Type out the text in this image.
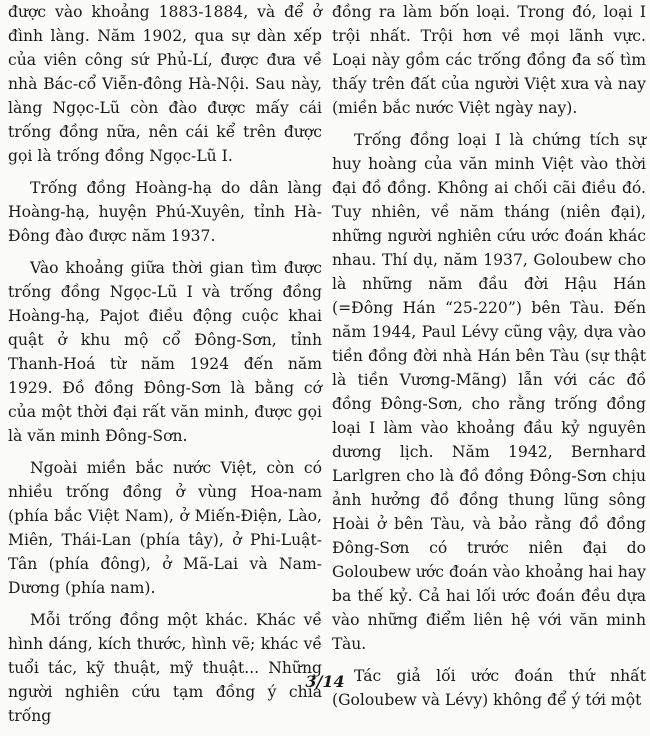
được vào khoảng 1883-1884, và để ở đình làng. Năm 1902, qua sự dàn xếp của viên công sứ Phủ-Lí, được đưa về nhà Bác-cổ Viễn-đông Hà-Nội. Sau này, làng Ngọc-Lũ còn đào được mấy cái trống đồng nữa, nên cái kể trên được gọi là trống đồng Ngọc-Lũ I.

Trống đồng Hoàng-hạ do dân làng Hoàng-hạ, huyện Phú-Xuyên, tỉnh Hà-Đông đào được năm 1937.

Vào khoảng giữa thời gian tìm được trống đồng Ngọc-Lũ I và trống đồng Hoàng-hạ, Pajot điều động cuộc khai quật ở khu mộ cổ Đông-Sơn, tỉnh Thanh-Hoá từ năm 1924 đến năm 1929. Đồ đồng Đông-Sơn là bằng cớ của một thời đại rất văn minh, được gọi là văn minh Đông-Sơn.

Ngoài miền bắc nước Việt, còn có nhiều trống đồng ở vùng Hoa-nam (phía bắc Việt Nam), ở Miến-Điện, Lào, Miên, Thái-Lan (phía tây), ở Phi-Luật-Tân (phía đông), ở Mã-Lai và Nam-Dương (phía nam).

Mỗi trống đồng một khác. Khác về hình dáng, kích thước, hình vẽ; khác về tuổi tác, kỹ thuật, mỹ thuật... Những người nghiên cứu tạm đồng ý chia trống

đồng ra làm bốn loại. Trong đó, loại I trội nhất. Trội hơn về mọi lãnh vực. Loại này gồm các trống đồng đa số tìm thấy trên đất của người Việt xưa và nay (miền bắc nước Việt ngày nay).

Trống đồng loại I là chứng tích sự huy hoàng của văn minh Việt vào thời đại đồ đồng. Không ai chối cãi điều đó. Tuy nhiên, về năm tháng (niên đại), những người nghiên cứu ước đoán khác nhau. Thí dụ, năm 1937, Goloubew cho là những năm đầu đời Hậu Hán (=Đông Hán “25-220”) bên Tàu. Đến năm 1944, Paul Lévy cũng vậy, dựa vào tiền đồng đời nhà Hán bên Tàu (sự thật là tiền Vương-Mãng) lẫn với các đồ đồng Đông-Sơn, cho rằng trống đồng loại I làm vào khoảng đầu kỷ nguyên dương lịch. Năm 1942, Bernhard Larlgren cho là đồ đồng Đông-Sơn chịu ảnh hưởng đồ đồng thung lũng sông Hoài ở bên Tàu, và bảo rằng đồ đồng Đông-Sơn có trước niên đại do Goloubew ước đoán vào khoảng hai hay ba thế kỷ. Cả hai lối ước đoán đều dựa vào những điểm liên hệ với văn minh Tàu.

Tác giả lối ước đoán thứ nhất (Goloubew và Lévy) không để ý tới một

3/14
